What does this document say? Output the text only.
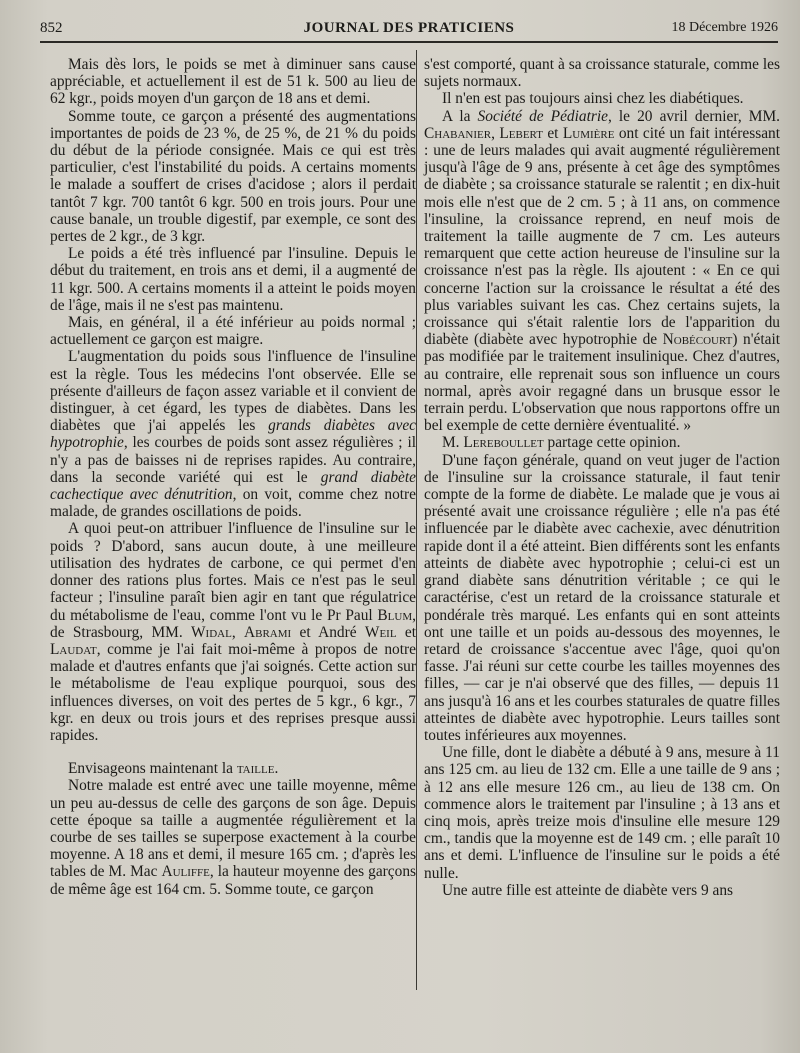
852	JOURNAL DES PRATICIENS	18 Décembre 1926

Mais dès lors, le poids se met à diminuer sans cause appréciable, et actuellement il est de 51 k. 500 au lieu de 62 kgr., poids moyen d'un garçon de 18 ans et demi.

Somme toute, ce garçon a présenté des augmentations importantes de poids de 23 %, de 25 %, de 21 % du poids du début de la période consignée. Mais ce qui est très particulier, c'est l'instabilité du poids. A certains moments le malade a souffert de crises d'acidose ; alors il perdait tantôt 7 kgr. 700 tantôt 6 kgr. 500 en trois jours. Pour une cause banale, un trouble digestif, par exemple, ce sont des pertes de 2 kgr., de 3 kgr.

Le poids a été très influencé par l'insuline. Depuis le début du traitement, en trois ans et demi, il a augmenté de 11 kgr. 500. A certains moments il a atteint le poids moyen de l'âge, mais il ne s'est pas maintenu.

Mais, en général, il a été inférieur au poids normal ; actuellement ce garçon est maigre.

L'augmentation du poids sous l'influence de l'insuline est la règle. Tous les médecins l'ont observée. Elle se présente d'ailleurs de façon assez variable et il convient de distinguer, à cet égard, les types de diabètes. Dans les diabètes que j'ai appelés les grands diabètes avec hypotrophie, les courbes de poids sont assez régulières ; il n'y a pas de baisses ni de reprises rapides. Au contraire, dans la seconde variété qui est le grand diabète cachectique avec dénutrition, on voit, comme chez notre malade, de grandes oscillations de poids.

A quoi peut-on attribuer l'influence de l'insuline sur le poids ? D'abord, sans aucun doute, à une meilleure utilisation des hydrates de carbone, ce qui permet d'en donner des rations plus fortes. Mais ce n'est pas le seul facteur ; l'insuline paraît bien agir en tant que régulatrice du métabolisme de l'eau, comme l'ont vu le Pr Paul Blum, de Strasbourg, MM. Widal, Abrami et André Weil et Laudat, comme je l'ai fait moi-même à propos de notre malade et d'autres enfants que j'ai soignés. Cette action sur le métabolisme de l'eau explique pourquoi, sous des influences diverses, on voit des pertes de 5 kgr., 6 kgr., 7 kgr. en deux ou trois jours et des reprises presque aussi rapides.

Envisageons maintenant la taille.

Notre malade est entré avec une taille moyenne, même un peu au-dessus de celle des garçons de son âge. Depuis cette époque sa taille a augmentée régulièrement et la courbe de ses tailles se superpose exactement à la courbe moyenne. A 18 ans et demi, il mesure 165 cm. ; d'après les tables de M. Mac Auliffe, la hauteur moyenne des garçons de même âge est 164 cm. 5. Somme toute, ce garçon

s'est comporté, quant à sa croissance staturale, comme les sujets normaux.

Il n'en est pas toujours ainsi chez les diabétiques.

A la Société de Pédiatrie, le 20 avril dernier, MM. Chabanier, Lebert et Lumière ont cité un fait intéressant : une de leurs malades qui avait augmenté régulièrement jusqu'à l'âge de 9 ans, présente à cet âge des symptômes de diabète ; sa croissance staturale se ralentit ; en dix-huit mois elle n'est que de 2 cm. 5 ; à 11 ans, on commence l'insuline, la croissance reprend, en neuf mois de traitement la taille augmente de 7 cm. Les auteurs remarquent que cette action heureuse de l'insuline sur la croissance n'est pas la règle. Ils ajoutent : « En ce qui concerne l'action sur la croissance le résultat a été des plus variables suivant les cas. Chez certains sujets, la croissance qui s'était ralentie lors de l'apparition du diabète (diabète avec hypotrophie de Nobécourt) n'était pas modifiée par le traitement insulinique. Chez d'autres, au contraire, elle reprenait sous son influence un cours normal, après avoir regagné dans un brusque essor le terrain perdu. L'observation que nous rapportons offre un bel exemple de cette dernière éventualité. »

M. Lereboullet partage cette opinion.

D'une façon générale, quand on veut juger de l'action de l'insuline sur la croissance staturale, il faut tenir compte de la forme de diabète. Le malade que je vous ai présenté avait une croissance régulière ; elle n'a pas été influencée par le diabète avec cachexie, avec dénutrition rapide dont il a été atteint. Bien différents sont les enfants atteints de diabète avec hypotrophie ; celui-ci est un grand diabète sans dénutrition véritable ; ce qui le caractérise, c'est un retard de la croissance staturale et pondérale très marqué. Les enfants qui en sont atteints ont une taille et un poids au-dessous des moyennes, le retard de croissance s'accentue avec l'âge, quoi qu'on fasse. J'ai réuni sur cette courbe les tailles moyennes des filles, — car je n'ai observé que des filles, — depuis 11 ans jusqu'à 16 ans et les courbes staturales de quatre filles atteintes de diabète avec hypotrophie. Leurs tailles sont toutes inférieures aux moyennes.

Une fille, dont le diabète a débuté à 9 ans, mesure à 11 ans 125 cm. au lieu de 132 cm. Elle a une taille de 9 ans ; à 12 ans elle mesure 126 cm., au lieu de 138 cm. On commence alors le traitement par l'insuline ; à 13 ans et cinq mois, après treize mois d'insuline elle mesure 129 cm., tandis que la moyenne est de 149 cm. ; elle paraît 10 ans et demi. L'influence de l'insuline sur le poids a été nulle.

Une autre fille est atteinte de diabète vers 9 ans
